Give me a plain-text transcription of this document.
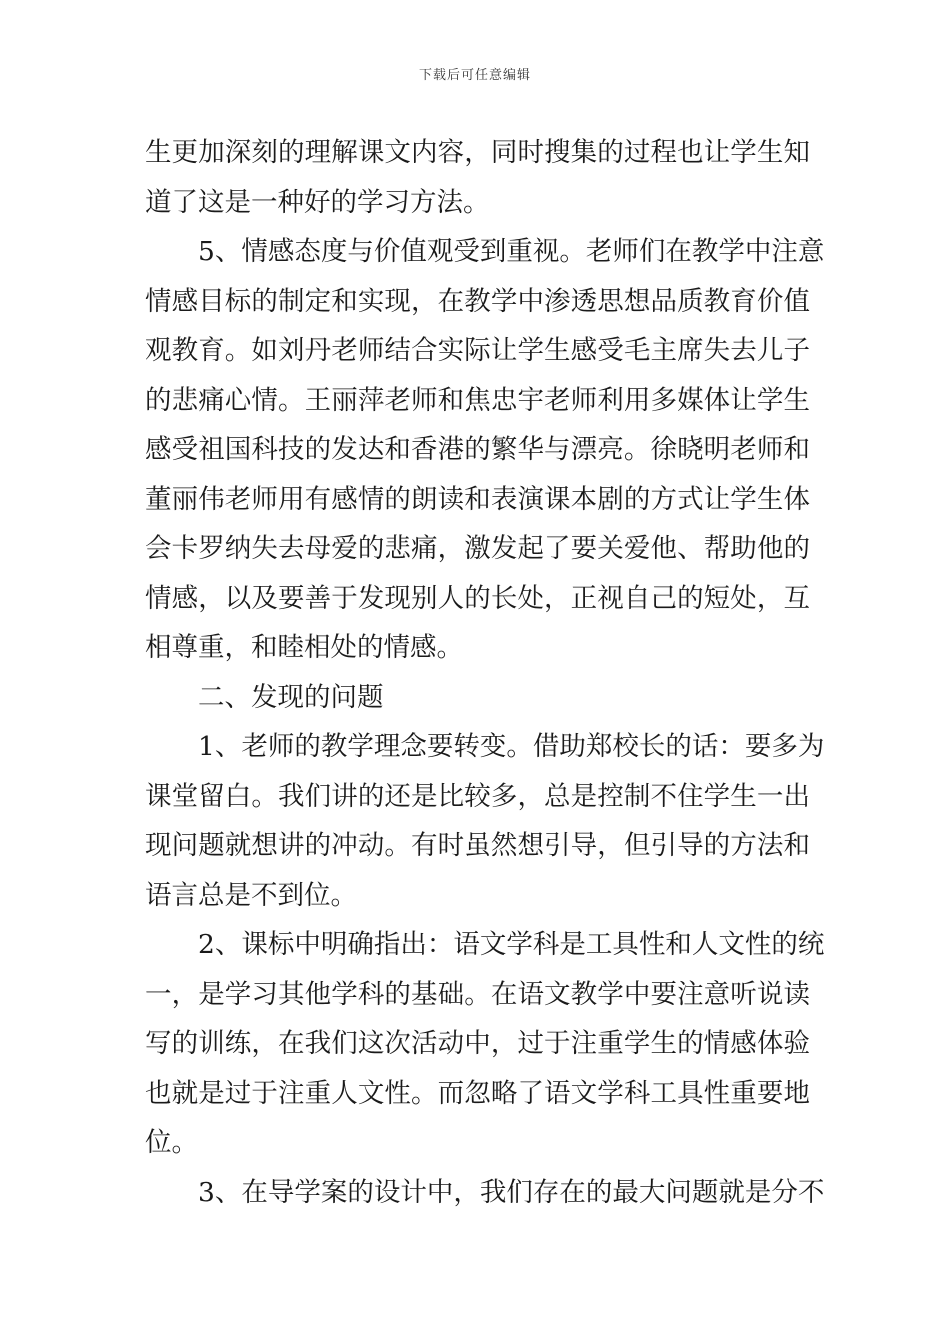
下载后可任意编辑
生更加深刻的理解课文内容，同时搜集的过程也让学生知
道了这是一种好的学习方法。
5、情感态度与价值观受到重视。老师们在教学中注意
情感目标的制定和实现，在教学中渗透思想品质教育价值
观教育。如刘丹老师结合实际让学生感受毛主席失去儿子
的悲痛心情。王丽萍老师和焦忠宇老师利用多媒体让学生
感受祖国科技的发达和香港的繁华与漂亮。徐晓明老师和
董丽伟老师用有感情的朗读和表演课本剧的方式让学生体
会卡罗纳失去母爱的悲痛，激发起了要关爱他、帮助他的
情感，以及要善于发现别人的长处，正视自己的短处，互
相尊重，和睦相处的情感。
二、发现的问题
1、老师的教学理念要转变。借助郑校长的话：要多为
课堂留白。我们讲的还是比较多，总是控制不住学生一出
现问题就想讲的冲动。有时虽然想引导，但引导的方法和
语言总是不到位。
2、课标中明确指出：语文学科是工具性和人文性的统
一，是学习其他学科的基础。在语文教学中要注意听说读
写的训练，在我们这次活动中，过于注重学生的情感体验
也就是过于注重人文性。而忽略了语文学科工具性重要地
位。
3、在导学案的设计中，我们存在的最大问题就是分不
